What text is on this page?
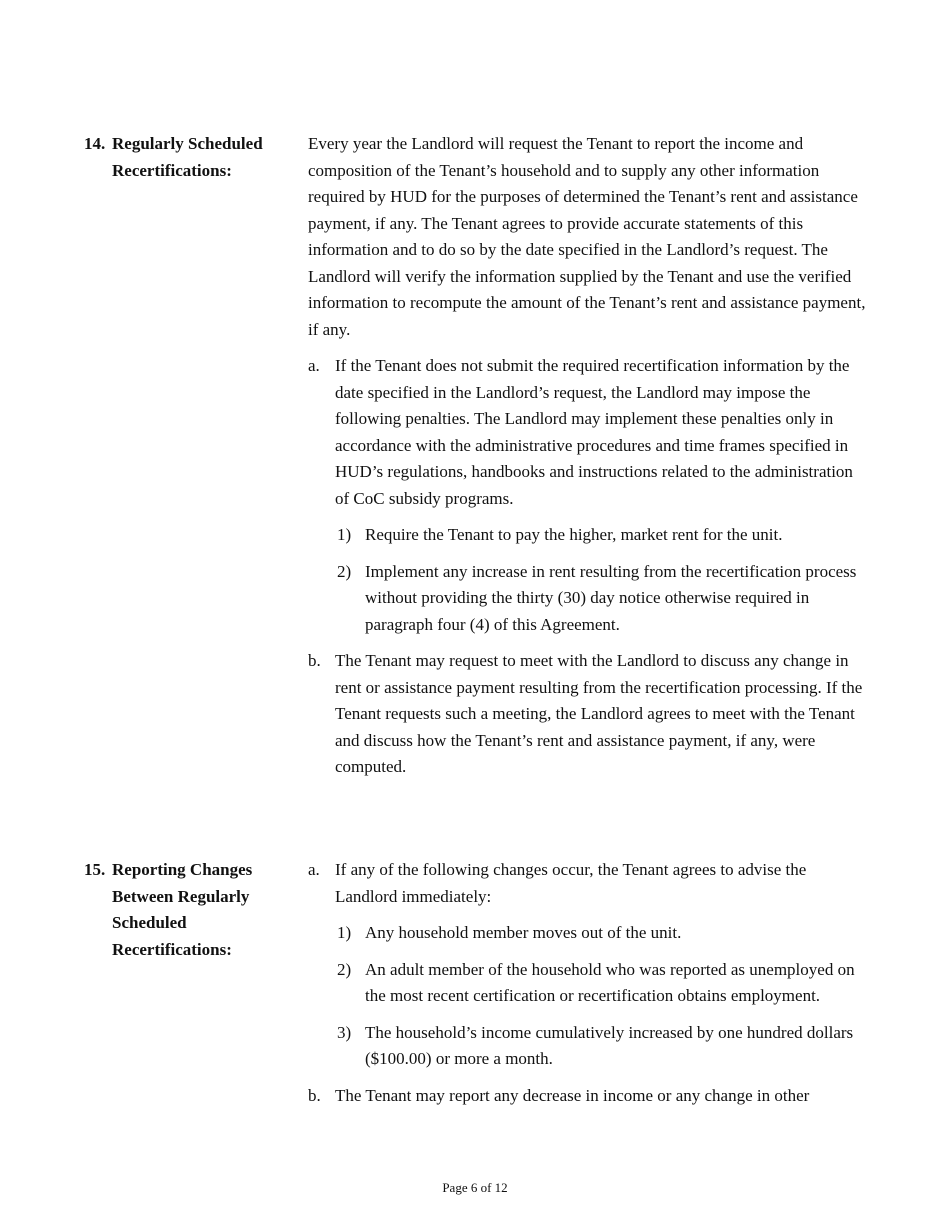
14. Regularly Scheduled Recertifications:

Every year the Landlord will request the Tenant to report the income and composition of the Tenant’s household and to supply any other information required by HUD for the purposes of determined the Tenant’s rent and assistance payment, if any. The Tenant agrees to provide accurate statements of this information and to do so by the date specified in the Landlord’s request. The Landlord will verify the information supplied by the Tenant and use the verified information to recompute the amount of the Tenant’s rent and assistance payment, if any.

a. If the Tenant does not submit the required recertification information by the date specified in the Landlord’s request, the Landlord may impose the following penalties. The Landlord may implement these penalties only in accordance with the administrative procedures and time frames specified in HUD’s regulations, handbooks and instructions related to the administration of CoC subsidy programs.
1) Require the Tenant to pay the higher, market rent for the unit.
2) Implement any increase in rent resulting from the recertification process without providing the thirty (30) day notice otherwise required in paragraph four (4) of this Agreement.
b. The Tenant may request to meet with the Landlord to discuss any change in rent or assistance payment resulting from the recertification processing. If the Tenant requests such a meeting, the Landlord agrees to meet with the Tenant and discuss how the Tenant’s rent and assistance payment, if any, were computed.
15. Reporting Changes Between Regularly Scheduled Recertifications:
a. If any of the following changes occur, the Tenant agrees to advise the Landlord immediately:
1) Any household member moves out of the unit.
2) An adult member of the household who was reported as unemployed on the most recent certification or recertification obtains employment.
3) The household’s income cumulatively increased by one hundred dollars ($100.00) or more a month.
b. The Tenant may report any decrease in income or any change in other
Page 6 of 12
